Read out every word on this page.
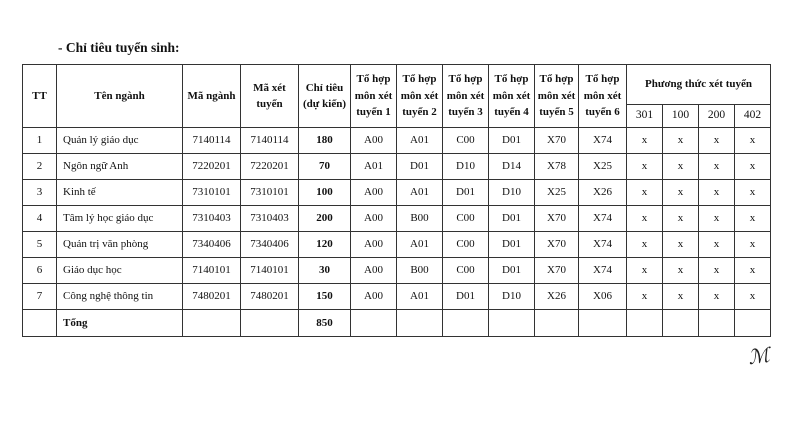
- Chỉ tiêu tuyển sinh:
TT	Tên ngành	Mã ngành	Mã xét tuyển	Chỉ tiêu (dự kiến)	Tổ hợp môn xét tuyển 1	Tổ hợp môn xét tuyển 2	Tổ hợp môn xét tuyển 3	Tổ hợp môn xét tuyển 4	Tổ hợp môn xét tuyển 5	Tổ hợp môn xét tuyển 6	Phương thức xét tuyển			
											301	100	200	402
1	Quản lý giáo dục	7140114	7140114	180	A00	A01	C00	D01	X70	X74	x	x	x	x
2	Ngôn ngữ Anh	7220201	7220201	70	A01	D01	D10	D14	X78	X25	x	x	x	x
3	Kinh tế	7310101	7310101	100	A00	A01	D01	D10	X25	X26	x	x	x	x
4	Tâm lý học giáo dục	7310403	7310403	200	A00	B00	C00	D01	X70	X74	x	x	x	x
5	Quản trị văn phòng	7340406	7340406	120	A00	A01	C00	D01	X70	X74	x	x	x	x
6	Giáo dục học	7140101	7140101	30	A00	B00	C00	D01	X70	X74	x	x	x	x
7	Công nghệ thông tin	7480201	7480201	150	A00	A01	D01	D10	X26	X06	x	x	x	x
	Tổng			850										
ℳ
